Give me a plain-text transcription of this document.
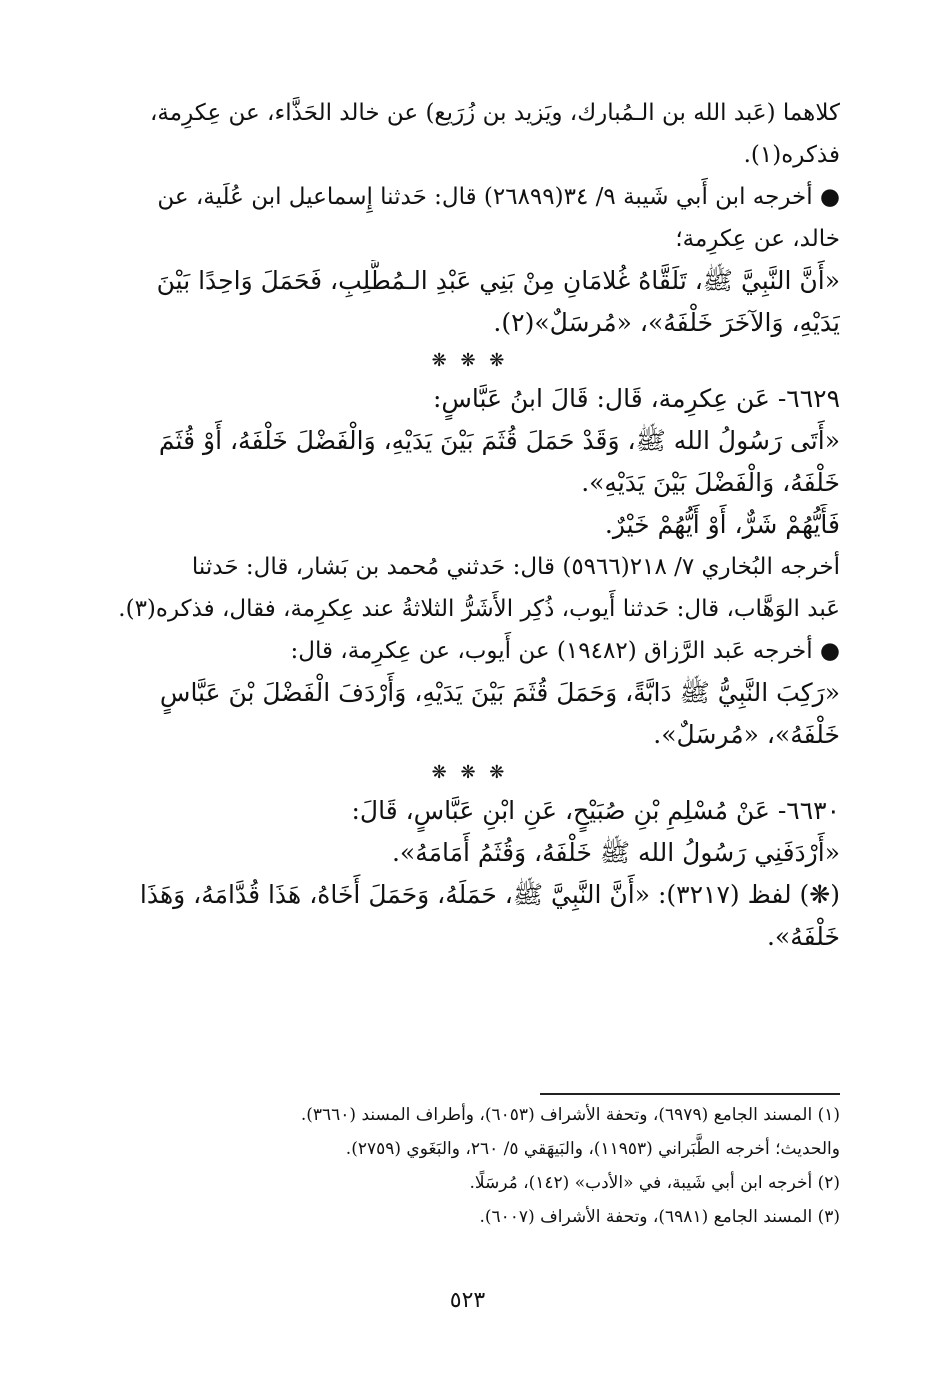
كلاهما (عَبد الله بن الـمُبارك، ويَزيد بن زُرَيع) عن خالد الحَذَّاء، عن عِكرِمة،
فذكره(١).
● أخرجه ابن أَبي شَيبة ٩/ ٣٤(٢٦٨٩٩) قال: حَدثنا إِسماعيل ابن عُلَية، عن
خالد، عن عِكرِمة؛
«أَنَّ النَّبِيَّ ﷺ، تَلَقَّاهُ غُلامَانِ مِنْ بَنِي عَبْدِ الـمُطَّلِبِ، فَحَمَلَ وَاحِدًا بَيْنَ
يَدَيْهِ، وَالآخَرَ خَلْفَهُ»، «مُرسَلٌ»(٢).
❋ ❋ ❋
٦٦٢٩- عَن عِكرِمة، قَال: قَالَ ابنُ عَبَّاسٍ:
«أَتَى رَسُولُ الله ﷺ، وَقَدْ حَمَلَ قُثَمَ بَيْنَ يَدَيْهِ، وَالْفَضْلَ خَلْفَهُ، أَوْ قُثَمَ
خَلْفَهُ، وَالْفَضْلَ بَيْنَ يَدَيْهِ».
فَأَيُّهُمْ شَرٌّ، أَوْ أَيُّهُمْ خَيْرٌ.
أخرجه البُخاري ٧/ ٢١٨(٥٩٦٦) قال: حَدثني مُحمد بن بَشار، قال: حَدثنا
عَبد الوَهَّاب، قال: حَدثنا أَيوب، ذُكِر الأَشَرُّ الثلاثةُ عند عِكرِمة، فقال، فذكره(٣).
● أخرجه عَبد الرَّزاق (١٩٤٨٢) عن أَيوب، عن عِكرِمة، قال:
«رَكِبَ النَّبِيُّ ﷺ دَابَّةً، وَحَمَلَ قُثَمَ بَيْنَ يَدَيْهِ، وَأَرْدَفَ الْفَضْلَ بْنَ عَبَّاسٍ
خَلْفَهُ»، «مُرسَلٌ».
❋ ❋ ❋
٦٦٣٠- عَنْ مُسْلِمِ بْنِ صُبَيْحٍ، عَنِ ابْنِ عَبَّاسٍ، قَالَ:
«أَرْدَفَنِي رَسُولُ الله ﷺ خَلْفَهُ، وَقُثَمُ أَمَامَهُ».
(❋) لفظ (٣٢١٧): «أَنَّ النَّبِيَّ ﷺ، حَمَلَهُ، وَحَمَلَ أَخَاهُ، هَذَا قُدَّامَهُ، وَهَذَا
خَلْفَهُ».
(١) المسند الجامع (٦٩٧٩)، وتحفة الأشراف (٦٠٥٣)، وأطراف المسند (٣٦٦٠).
والحديث؛ أخرجه الطَّبَراني (١١٩٥٣)، والبَيهَقي ٥/ ٢٦٠، والبَغَوي (٢٧٥٩).
(٢) أخرجه ابن أبي شَيبة، في «الأدب» (١٤٢)، مُرسَلًا.
(٣) المسند الجامع (٦٩٨١)، وتحفة الأشراف (٦٠٠٧).
٥٢٣
